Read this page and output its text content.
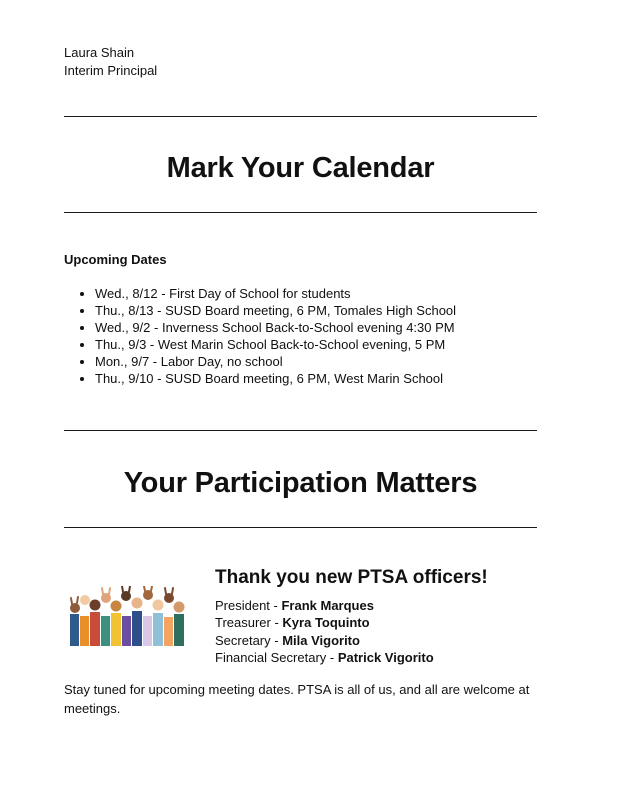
Laura Shain
Interim Principal
Mark Your Calendar
Upcoming Dates
• Wed., 8/12 - First Day of School for students
• Thu., 8/13 - SUSD Board meeting, 6 PM, Tomales High School
• Wed., 9/2 - Inverness School Back-to-School evening 4:30 PM
• Thu., 9/3 - West Marin School Back-to-School evening, 5 PM
• Mon., 9/7 - Labor Day, no school
• Thu., 9/10 - SUSD Board meeting, 6 PM, West Marin School
Your Participation Matters
Thank you new PTSA officers!
President - Frank Marques
Treasurer - Kyra Toquinto
Secretary - Mila Vigorito
Financial Secretary - Patrick Vigorito
Stay tuned for upcoming meeting dates. PTSA is all of us, and all are welcome at meetings.
